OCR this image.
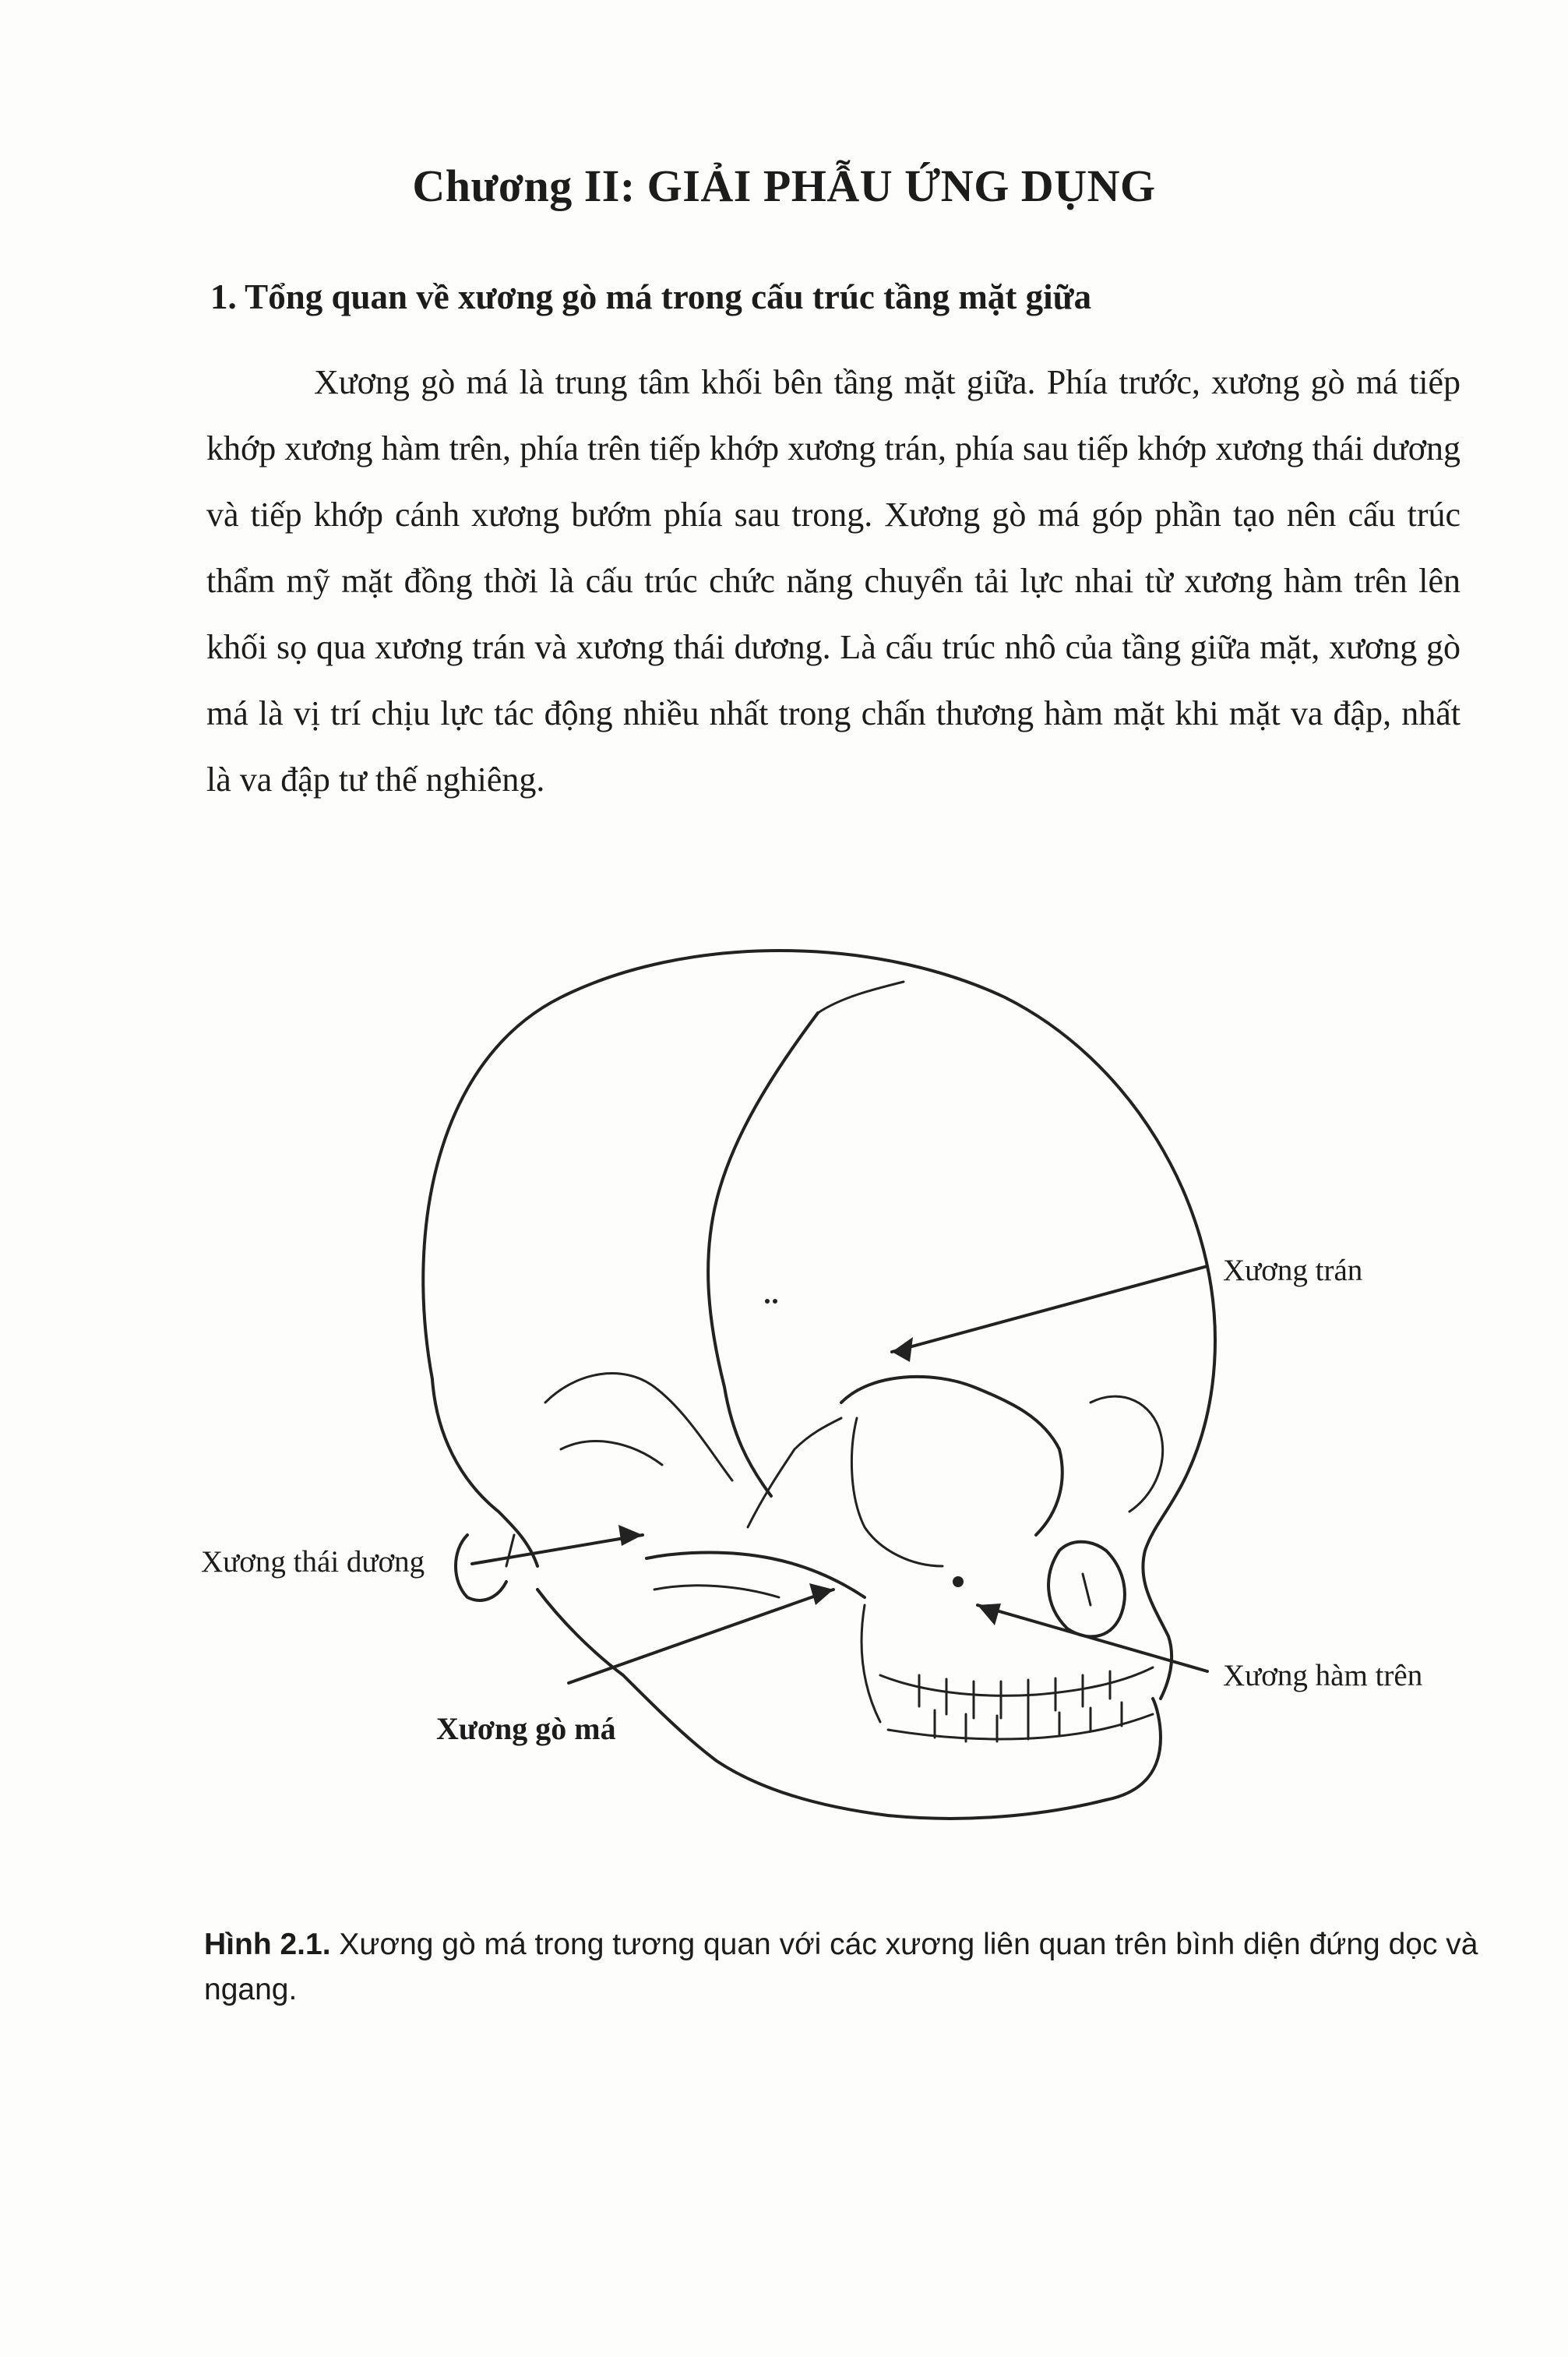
Chương II: GIẢI PHẪU ỨNG DỤNG
1. Tổng quan về xương gò má trong cấu trúc tầng mặt giữa

Xương gò má là trung tâm khối bên tầng mặt giữa. Phía trước, xương gò má tiếp khớp xương hàm trên, phía trên tiếp khớp xương trán, phía sau tiếp khớp xương thái dương và tiếp khớp cánh xương bướm phía sau trong. Xương gò má góp phần tạo nên cấu trúc thẩm mỹ mặt đồng thời là cấu trúc chức năng chuyển tải lực nhai từ xương hàm trên lên khối sọ qua xương trán và xương thái dương. Là cấu trúc nhô của tầng giữa mặt, xương gò má là vị trí chịu lực tác động nhiều nhất trong chấn thương hàm mặt khi mặt va đập, nhất là va đập tư thế nghiêng.

Xương trán
Xương thái dương
Xương hàm trên
Xương gò má

Hình 2.1. Xương gò má trong tương quan với các xương liên quan trên bình diện đứng dọc và ngang.
